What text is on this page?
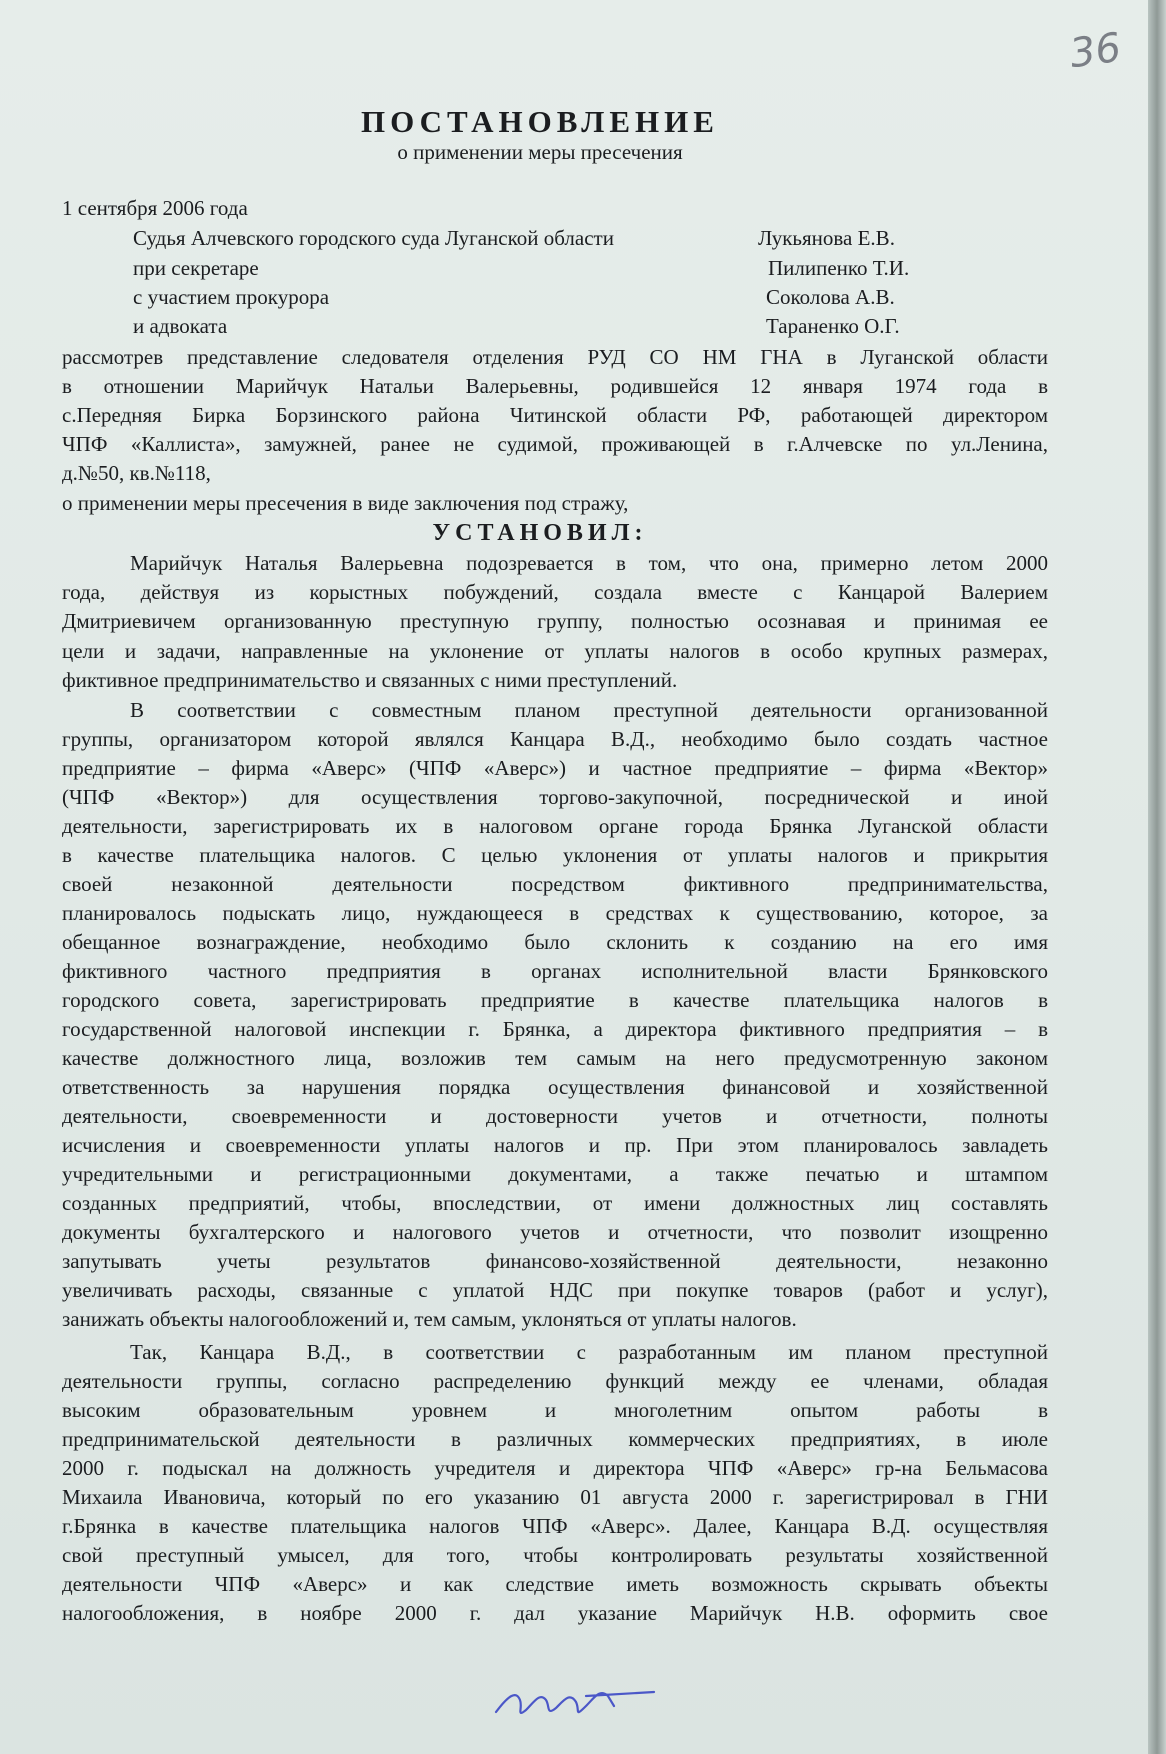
36
ПОСТАНОВЛЕНИЕ
о применении меры пресечения
1 сентября 2006 года
Судья Алчевского городского суда Луганской области	Лукьянова Е.В.
при секретаре	Пилипенко Т.И.
с участием прокурора	Соколова А.В.
и адвоката	Тараненко О.Г.
рассмотрев представление следователя отделения РУД СО НМ ГНА в Луганской области
в отношении Марийчук Натальи Валерьевны, родившейся 12 января 1974 года в
с.Передняя Бирка Борзинского района Читинской области РФ, работающей директором
ЧПФ «Каллиста», замужней, ранее не судимой, проживающей в г.Алчевске по ул.Ленина,
д.№50, кв.№118,
о применении меры пресечения в виде заключения под стражу,
УСТАНОВИЛ:
Марийчук Наталья Валерьевна подозревается в том, что она, примерно летом 2000
года, действуя из корыстных побуждений, создала вместе с Канцарой Валерием
Дмитриевичем организованную преступную группу, полностью осознавая и принимая ее
цели и задачи, направленные на уклонение от уплаты налогов в особо крупных размерах,
фиктивное предпринимательство и связанных с ними преступлений.
В соответствии с совместным планом преступной деятельности организованной
группы, организатором которой являлся Канцара В.Д., необходимо было создать частное
предприятие – фирма «Аверс» (ЧПФ «Аверс») и частное предприятие – фирма «Вектор»
(ЧПФ «Вектор») для осуществления торгово-закупочной, посреднической и иной
деятельности, зарегистрировать их в налоговом органе города Брянка Луганской области
в качестве плательщика налогов. С целью уклонения от уплаты налогов и прикрытия
своей незаконной деятельности посредством фиктивного предпринимательства,
планировалось подыскать лицо, нуждающееся в средствах к существованию, которое, за
обещанное вознаграждение, необходимо было склонить к созданию на его имя
фиктивного частного предприятия в органах исполнительной власти Брянковского
городского совета, зарегистрировать предприятие в качестве плательщика налогов в
государственной налоговой инспекции г. Брянка, а директора фиктивного предприятия – в
качестве должностного лица, возложив тем самым на него предусмотренную законом
ответственность за нарушения порядка осуществления финансовой и хозяйственной
деятельности, своевременности и достоверности учетов и отчетности, полноты
исчисления и своевременности уплаты налогов и пр. При этом планировалось завладеть
учредительными и регистрационными документами, а также печатью и штампом
созданных предприятий, чтобы, впоследствии, от имени должностных лиц составлять
документы бухгалтерского и налогового учетов и отчетности, что позволит изощренно
запутывать учеты результатов финансово-хозяйственной деятельности, незаконно
увеличивать расходы, связанные с уплатой НДС при покупке товаров (работ и услуг),
занижать объекты налогообложений и, тем самым, уклоняться от уплаты налогов.
Так, Канцара В.Д., в соответствии с разработанным им планом преступной
деятельности группы, согласно распределению функций между ее членами, обладая
высоким образовательным уровнем и многолетним опытом работы в
предпринимательской деятельности в различных коммерческих предприятиях, в июле
2000 г. подыскал на должность учредителя и директора ЧПФ «Аверс» гр-на Бельмасова
Михаила Ивановича, который по его указанию 01 августа 2000 г. зарегистрировал в ГНИ
г.Брянка в качестве плательщика налогов ЧПФ «Аверс». Далее, Канцара В.Д. осуществляя
свой преступный умысел, для того, чтобы контролировать результаты хозяйственной
деятельности ЧПФ «Аверс» и как следствие иметь возможность скрывать объекты
налогообложения, в ноябре 2000 г. дал указание Марийчук Н.В. оформить свое
